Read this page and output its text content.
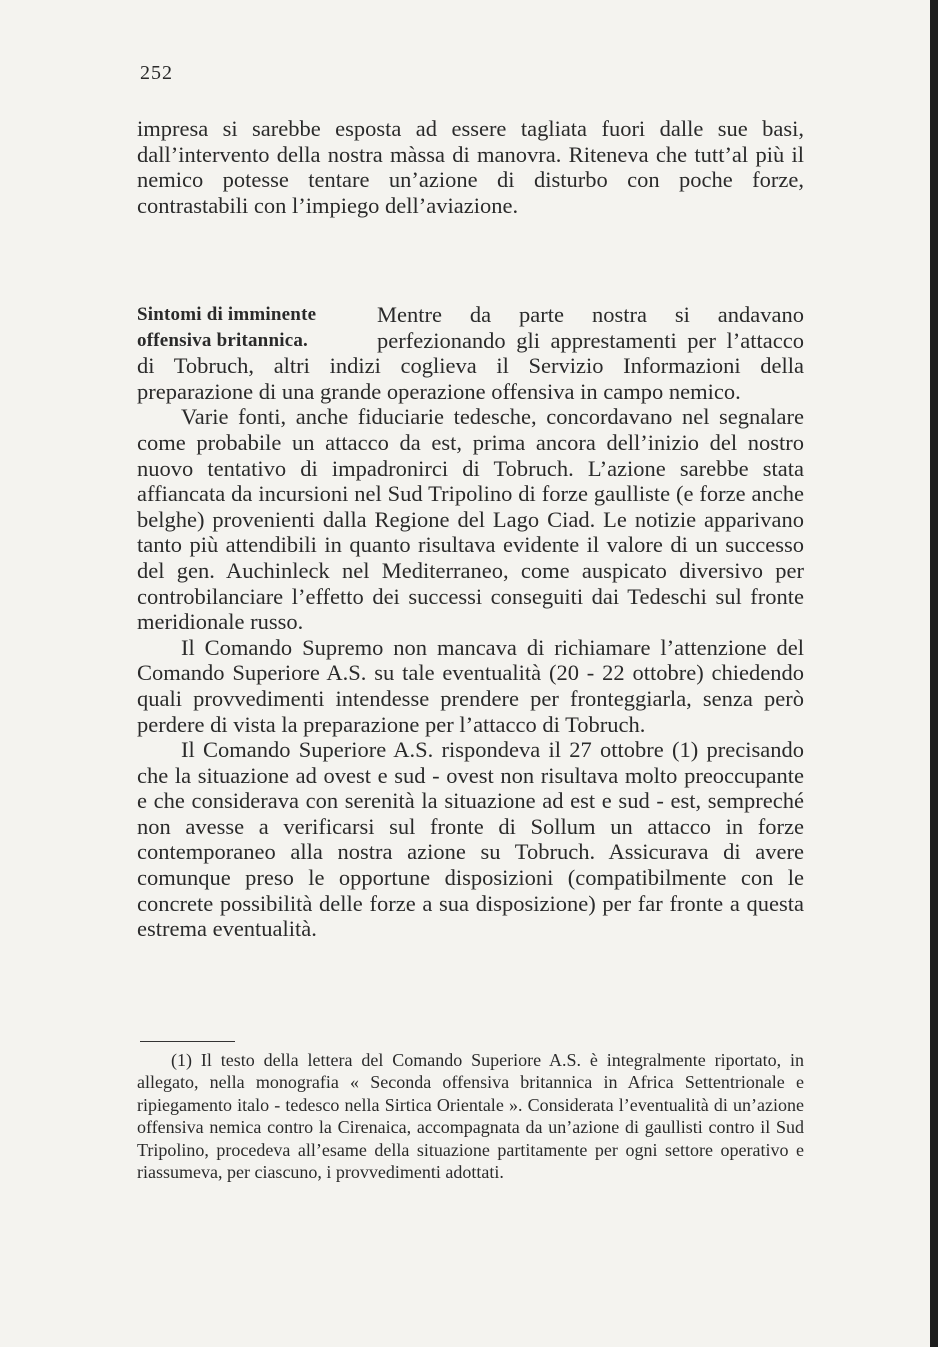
252

impresa si sarebbe esposta ad essere tagliata fuori dalle sue basi, dall’intervento della nostra màssa di manovra. Riteneva che tutt’al più il nemico potesse tentare un’azione di disturbo con poche forze, contrastabili con l’impiego dell’aviazione.

Sintomi di imminente offensiva britannica.

Mentre da parte nostra si andavano perfezionando gli apprestamenti per l’attacco di Tobruch, altri indizi coglieva il Servizio Informazioni della preparazione di una grande operazione offensiva in campo nemico.

Varie fonti, anche fiduciarie tedesche, concordavano nel segnalare come probabile un attacco da est, prima ancora dell’inizio del nostro nuovo tentativo di impadronirci di Tobruch. L’azione sarebbe stata affiancata da incursioni nel Sud Tripolino di forze gaulliste (e forze anche belghe) provenienti dalla Regione del Lago Ciad. Le notizie apparivano tanto più attendibili in quanto risultava evidente il valore di un successo del gen. Auchinleck nel Mediterraneo, come auspicato diversivo per controbilanciare l’effetto dei successi conseguiti dai Tedeschi sul fronte meridionale russo.

Il Comando Supremo non mancava di richiamare l’attenzione del Comando Superiore A.S. su tale eventualità (20 - 22 ottobre) chiedendo quali provvedimenti intendesse prendere per fronteggiarla, senza però perdere di vista la preparazione per l’attacco di Tobruch.

Il Comando Superiore A.S. rispondeva il 27 ottobre (1) precisando che la situazione ad ovest e sud - ovest non risultava molto preoccupante e che considerava con serenità la situazione ad est e sud - est, sempreché non avesse a verificarsi sul fronte di Sollum un attacco in forze contemporaneo alla nostra azione su Tobruch. Assicurava di avere comunque preso le opportune disposizioni (compatibilmente con le concrete possibilità delle forze a sua disposizione) per far fronte a questa estrema eventualità.

(1) Il testo della lettera del Comando Superiore A.S. è integralmente riportato, in allegato, nella monografia « Seconda offensiva britannica in Africa Settentrionale e ripiegamento italo - tedesco nella Sirtica Orientale ». Considerata l’eventualità di un’azione offensiva nemica contro la Cirenaica, accompagnata da un’azione di gaullisti contro il Sud Tripolino, procedeva all’esame della situazione partitamente per ogni settore operativo e riassumeva, per ciascuno, i provvedimenti adottati.
